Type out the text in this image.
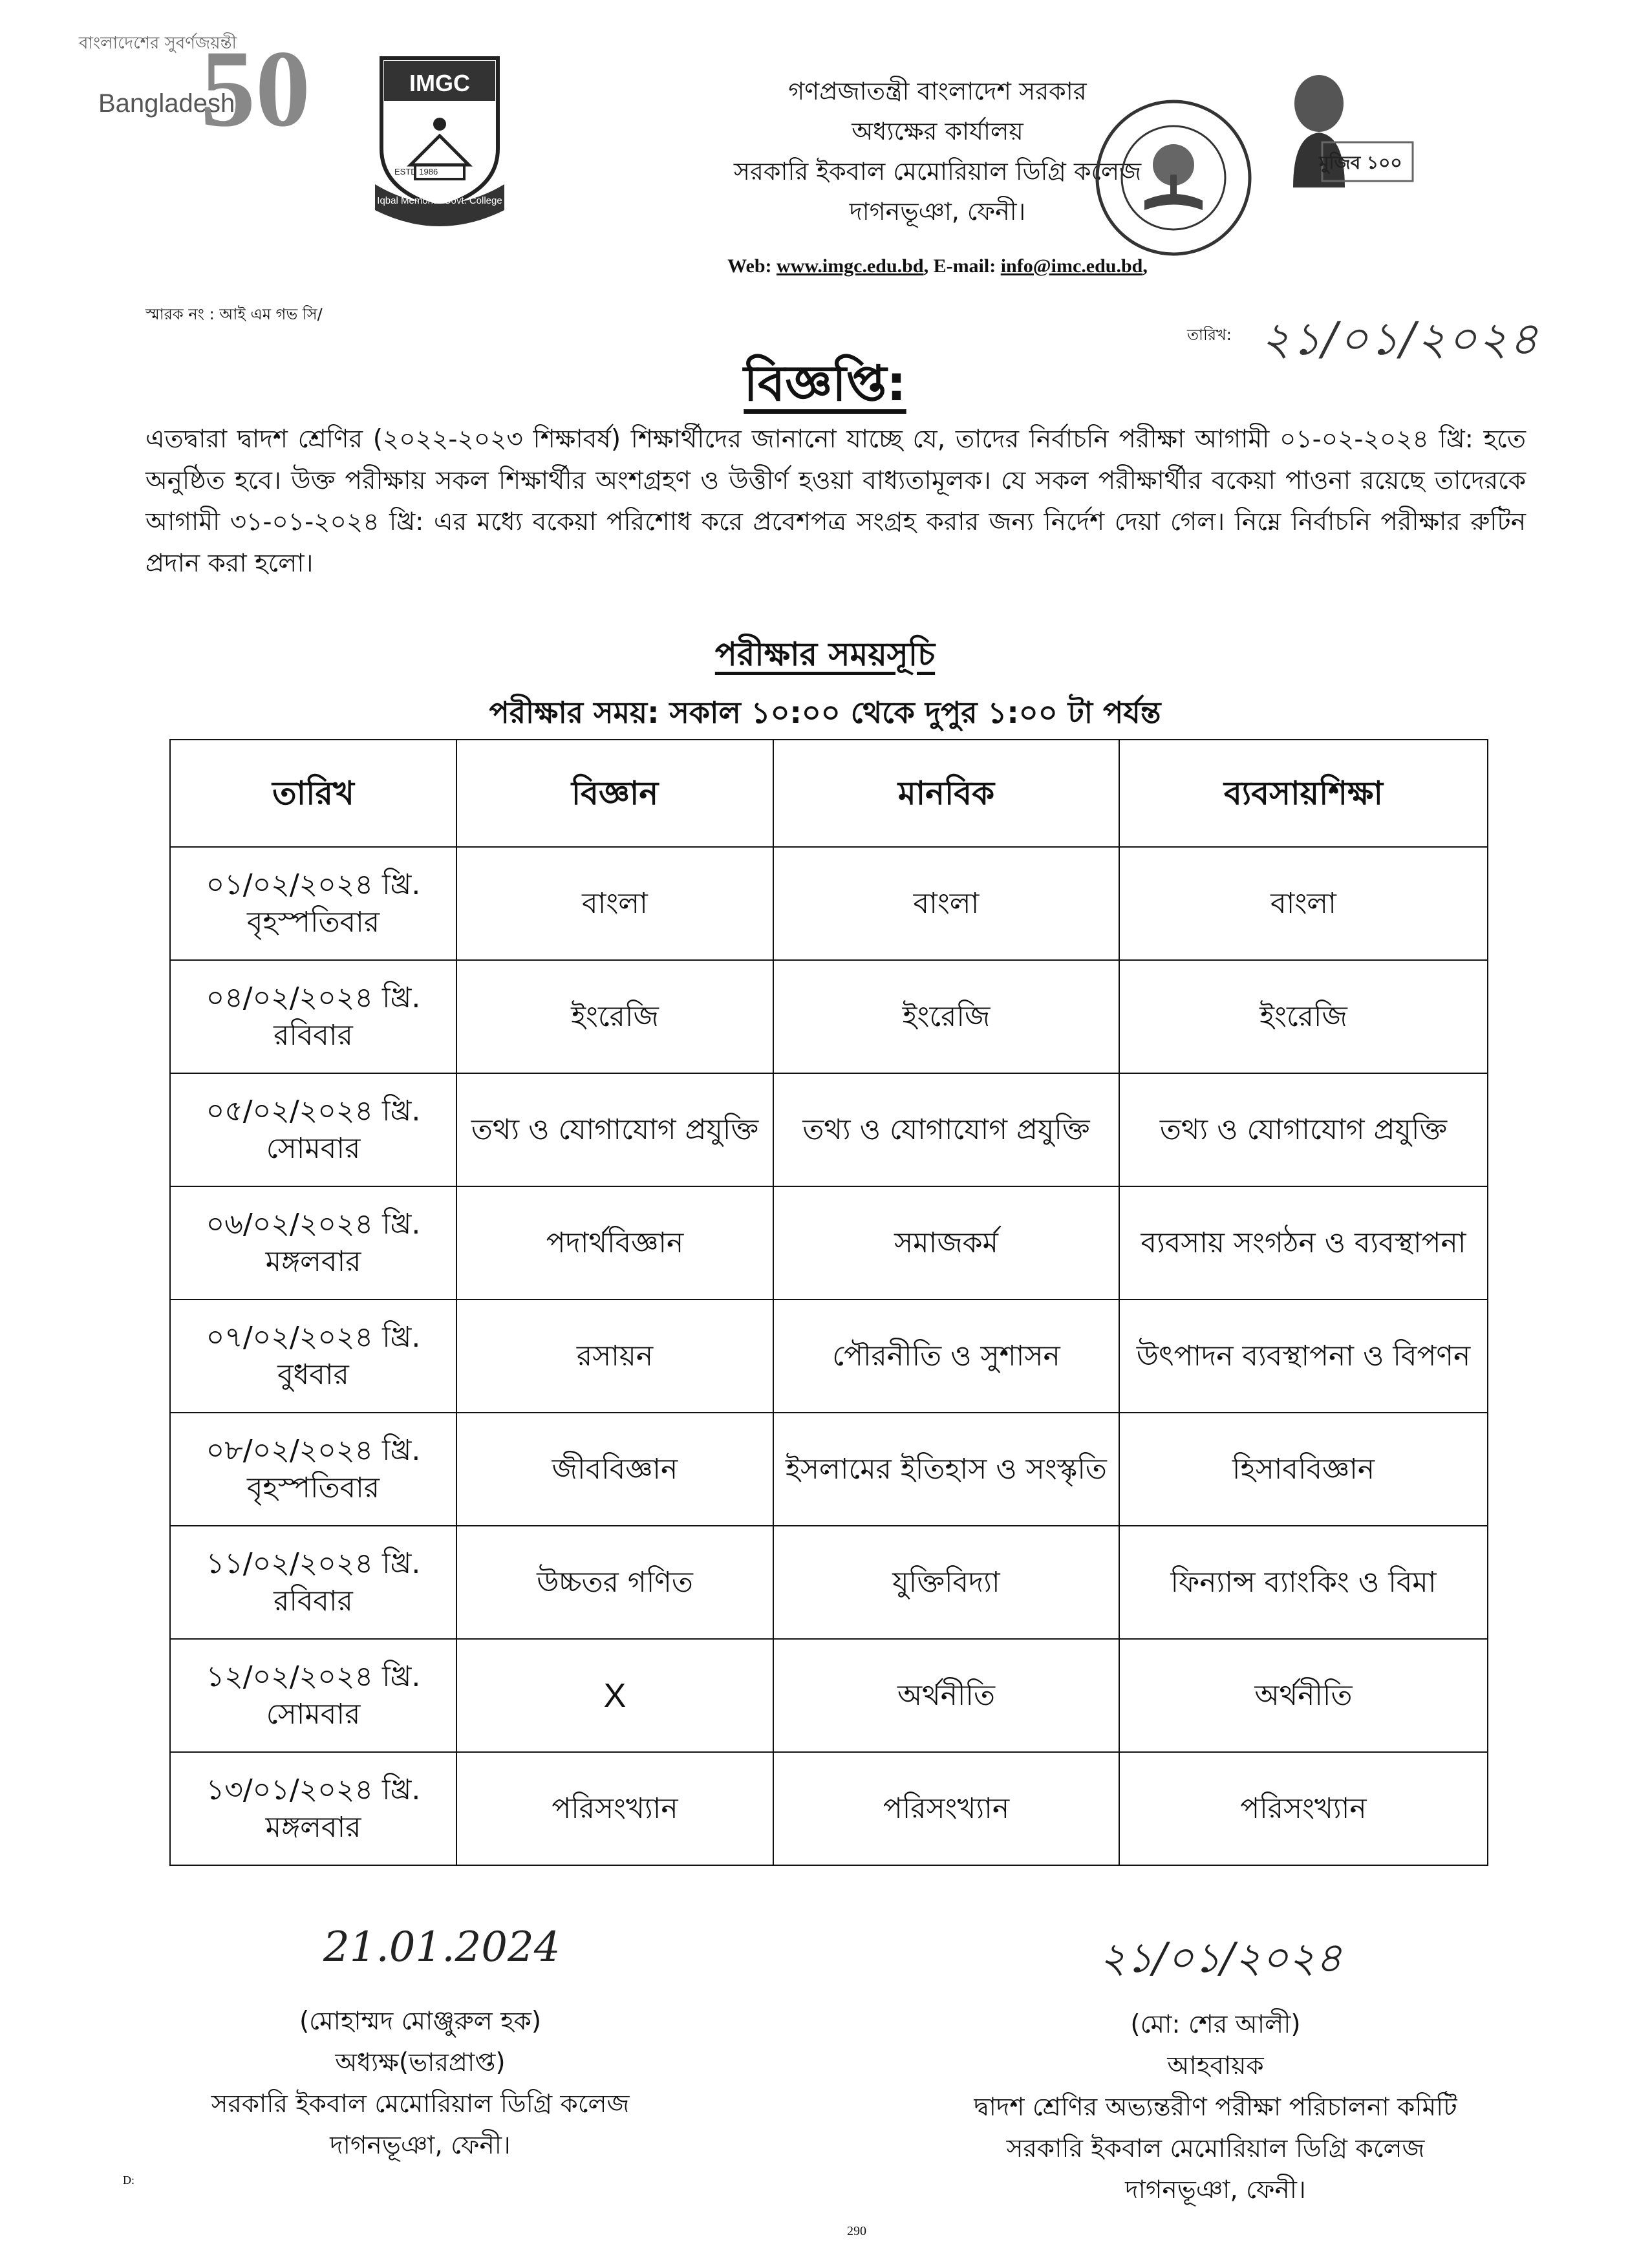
বাংলাদেশের সুবর্ণজয়ন্তী
Bangladesh
50
ESTD 1986
IMGC
Iqbal Memorial Govt. College
গণপ্রজাতন্ত্রী বাংলাদেশ সরকার
অধ্যক্ষের কার্যালয়
সরকারি ইকবাল মেমোরিয়াল ডিগ্রি কলেজ
দাগনভূঞা, ফেনী।
Web: www.imgc.edu.bd, E-mail: info@imc.edu.bd,
মুজিব ১০০
স্মারক নং : আই এম গভ সি/
তারিখ: ২১/০১/২০২৪
বিজ্ঞপ্তি:
এতদ্বারা দ্বাদশ শ্রেণির (২০২২-২০২৩ শিক্ষাবর্ষ) শিক্ষার্থীদের জানানো যাচ্ছে যে, তাদের নির্বাচনি পরীক্ষা আগামী ০১-০২-২০২৪ খ্রি: হতে অনুষ্ঠিত হবে। উক্ত পরীক্ষায় সকল শিক্ষার্থীর অংশগ্রহণ ও উত্তীর্ণ হওয়া বাধ্যতামূলক। যে সকল পরীক্ষার্থীর বকেয়া পাওনা রয়েছে তাদেরকে আগামী ৩১-০১-২০২৪ খ্রি: এর মধ্যে বকেয়া পরিশোধ করে প্রবেশপত্র সংগ্রহ করার জন্য নির্দেশ দেয়া গেল। নিম্নে নির্বাচনি পরীক্ষার রুটিন প্রদান করা হলো।
পরীক্ষার সময়সূচি
পরীক্ষার সময়: সকাল ১০:০০ থেকে দুপুর ১:০০ টা পর্যন্ত
তারিখ	বিজ্ঞান	মানবিক	ব্যবসায়শিক্ষা

০১/০২/২০২৪ খ্রি.
বৃহস্পতিবার	বাংলা	বাংলা	বাংলা

০৪/০২/২০২৪ খ্রি.
রবিবার	ইংরেজি	ইংরেজি	ইংরেজি

০৫/০২/২০২৪ খ্রি.
সোমবার	তথ্য ও যোগাযোগ প্রযুক্তি	তথ্য ও যোগাযোগ প্রযুক্তি	তথ্য ও যোগাযোগ প্রযুক্তি

০৬/০২/২০২৪ খ্রি.
মঙ্গলবার	পদার্থবিজ্ঞান	সমাজকর্ম	ব্যবসায় সংগঠন ও ব্যবস্থাপনা

০৭/০২/২০২৪ খ্রি.
বুধবার	রসায়ন	পৌরনীতি ও সুশাসন	উৎপাদন ব্যবস্থাপনা ও বিপণন

০৮/০২/২০২৪ খ্রি.
বৃহস্পতিবার	জীববিজ্ঞান	ইসলামের ইতিহাস ও সংস্কৃতি	হিসাববিজ্ঞান

১১/০২/২০২৪ খ্রি.
রবিবার	উচ্চতর গণিত	যুক্তিবিদ্যা	ফিন্যান্স ব্যাংকিং ও বিমা

১২/০২/২০২৪ খ্রি.
সোমবার	X	অর্থনীতি	অর্থনীতি

১৩/০১/২০২৪ খ্রি.
মঙ্গলবার	পরিসংখ্যান	পরিসংখ্যান	পরিসংখ্যান
21.01.2024
(মোহাম্মদ মোঞ্জুরুল হক)
অধ্যক্ষ(ভারপ্রাপ্ত)
সরকারি ইকবাল মেমোরিয়াল ডিগ্রি কলেজ
দাগনভূঞা, ফেনী।
২১/০১/২০২৪
(মো: শের আলী)
আহবায়ক
দ্বাদশ শ্রেণির অভ্যন্তরীণ পরীক্ষা পরিচালনা কমিটি
সরকারি ইকবাল মেমোরিয়াল ডিগ্রি কলেজ
দাগনভূঞা, ফেনী।
D:
290
